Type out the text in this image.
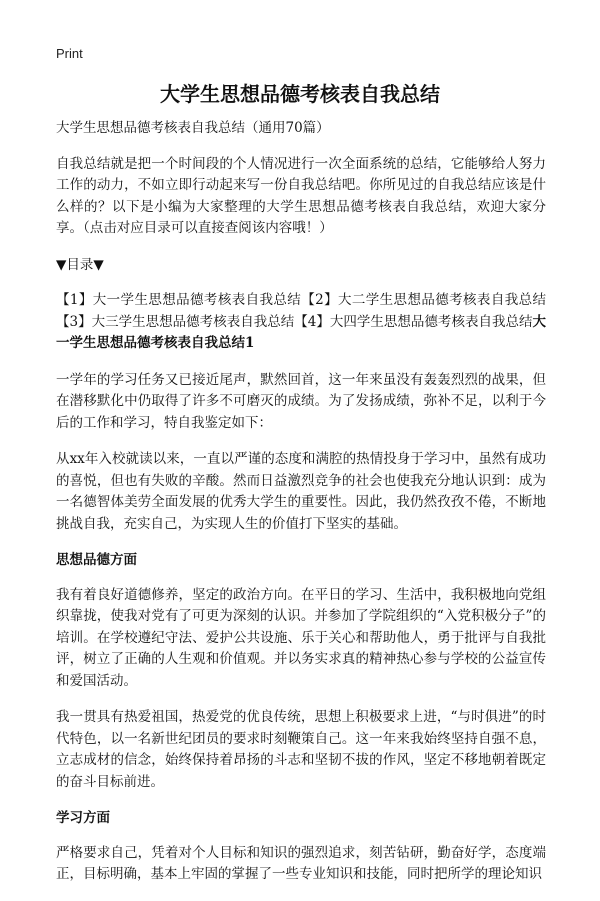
Print
大学生思想品德考核表自我总结

大学生思想品德考核表自我总结（通用70篇）

自我总结就是把一个时间段的个人情况进行一次全面系统的总结，它能够给人努力工作的动力，不如立即行动起来写一份自我总结吧。你所见过的自我总结应该是什么样的？以下是小编为大家整理的大学生思想品德考核表自我总结，欢迎大家分享。（点击对应目录可以直接查阅该内容哦！）

▼目录▼

【1】大一学生思想品德考核表自我总结【2】大二学生思想品德考核表自我总结【3】大三学生思想品德考核表自我总结【4】大四学生思想品德考核表自我总结大一学生思想品德考核表自我总结1

一学年的学习任务又已接近尾声，默然回首，这一年来虽没有轰轰烈烈的战果，但在潜移默化中仍取得了许多不可磨灭的成绩。为了发扬成绩，弥补不足，以利于今后的工作和学习，特自我鉴定如下：

从xx年入校就读以来，一直以严谨的态度和满腔的热情投身于学习中，虽然有成功的喜悦，但也有失败的辛酸。然而日益激烈竞争的社会也使我充分地认识到：成为一名德智体美劳全面发展的优秀大学生的重要性。因此，我仍然孜孜不倦，不断地挑战自我，充实自己，为实现人生的价值打下坚实的基础。

思想品德方面

我有着良好道德修养，坚定的政治方向。在平日的学习、生活中，我积极地向党组织靠拢，使我对党有了可更为深刻的认识。并参加了学院组织的“入党积极分子”的培训。在学校遵纪守法、爱护公共设施、乐于关心和帮助他人，勇于批评与自我批评，树立了正确的人生观和价值观。并以务实求真的精神热心参与学校的公益宣传和爱国活动。

我一贯具有热爱祖国，热爱党的优良传统，思想上积极要求上进，“与时俱进”的时代特色，以一名新世纪团员的要求时刻鞭策自己。这一年来我始终坚持自强不息，立志成材的信念，始终保持着昂扬的斗志和坚韧不拔的作风，坚定不移地朝着既定的奋斗目标前进。

学习方面

严格要求自己，凭着对个人目标和知识的强烈追求，刻苦钻研，勤奋好学，态度端正，目标明确，基本上牢固的掌握了一些专业知识和技能，同时把所学的理论知识
